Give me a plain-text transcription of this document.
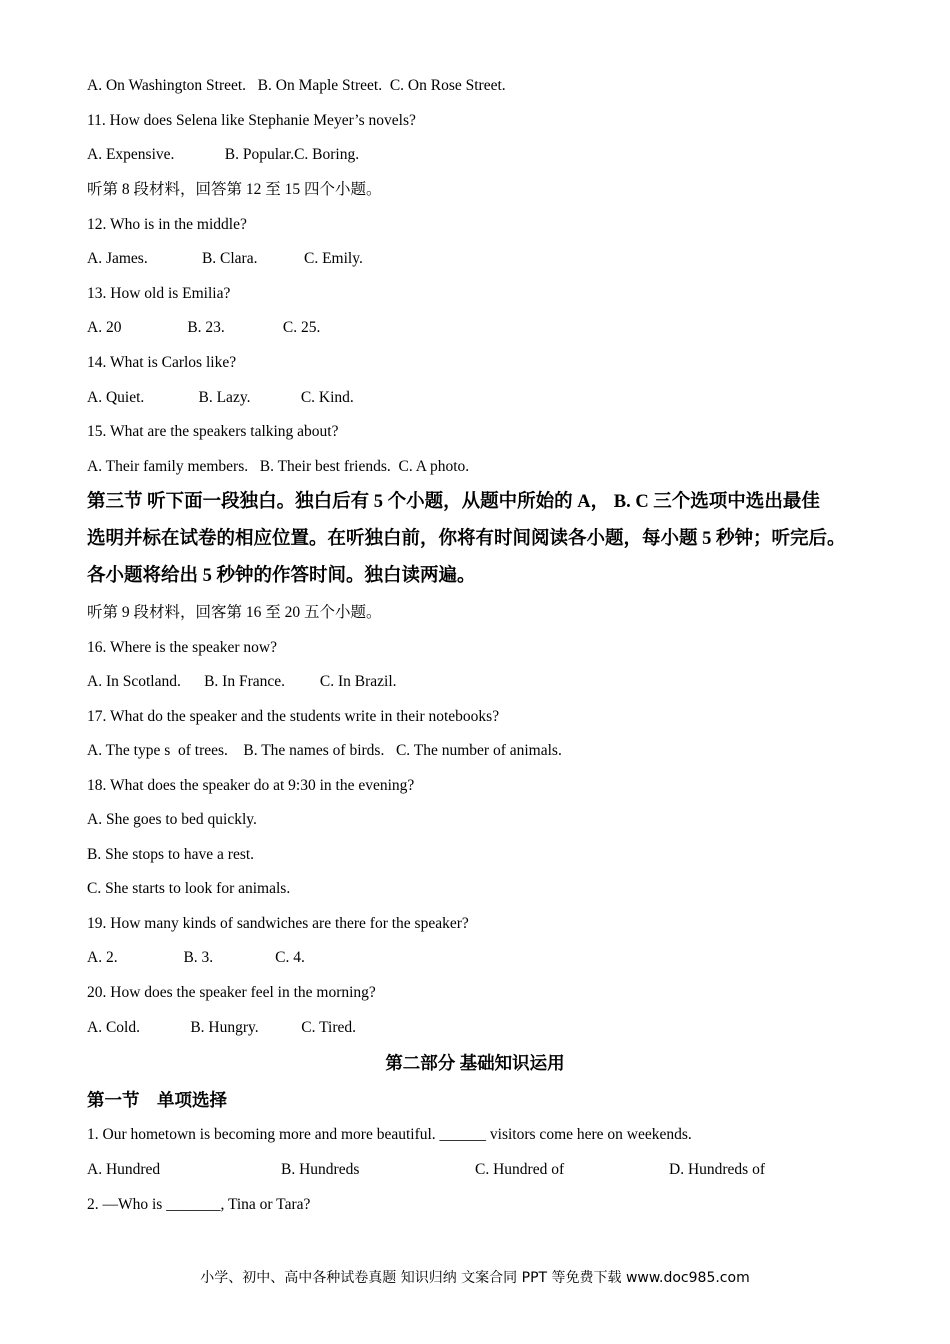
A. On Washington Street.   B. On Maple Street.  C. On Rose Street.
11. How does Selena like Stephanie Meyer’s novels?
A. Expensive.             B. Popular.C. Boring.
听第 8 段材料，回答第 12 至 15 四个小题。
12. Who is in the middle?
A. James.              B. Clara.            C. Emily.
13. How old is Emilia?
A. 20                 B. 23.               C. 25.
14. What is Carlos like?
A. Quiet.              B. Lazy.             C. Kind.
15. What are the speakers talking about?
A. Their family members.   B. Their best friends.  C. A photo.
第三节 听下面一段独白。独白后有 5 个小题，从题中所始的 A， B. C 三个选项中选出最佳
选明并标在试卷的相应位置。在听独白前，你将有时间阅读各小题，每小题 5 秒钟；听完后。
各小题将给出 5 秒钟的作答时间。独白读两遍。
听第 9 段材料，回客第 16 至 20 五个小题。
16. Where is the speaker now?
A. In Scotland.      B. In France.         C. In Brazil.
17. What do the speaker and the students write in their notebooks?
A. The type s  of trees.    B. The names of birds.   C. The number of animals.
18. What does the speaker do at 9:30 in the evening?
A. She goes to bed quickly.
B. She stops to have a rest.
C. She starts to look for animals.
19. How many kinds of sandwiches are there for the speaker?
A. 2.                 B. 3.                C. 4.
20. How does the speaker feel in the morning?
A. Cold.             B. Hungry.           C. Tired.
第二部分 基础知识运用
第一节    单项选择
1. Our hometown is becoming more and more beautiful. ______ visitors come here on weekends.
A. Hundred	B. Hundreds	C. Hundred of	D. Hundreds of
2. —Who is _______, Tina or Tara?
小学、初中、高中各种试卷真题 知识归纳 文案合同 PPT 等免费下载 www.doc985.com
